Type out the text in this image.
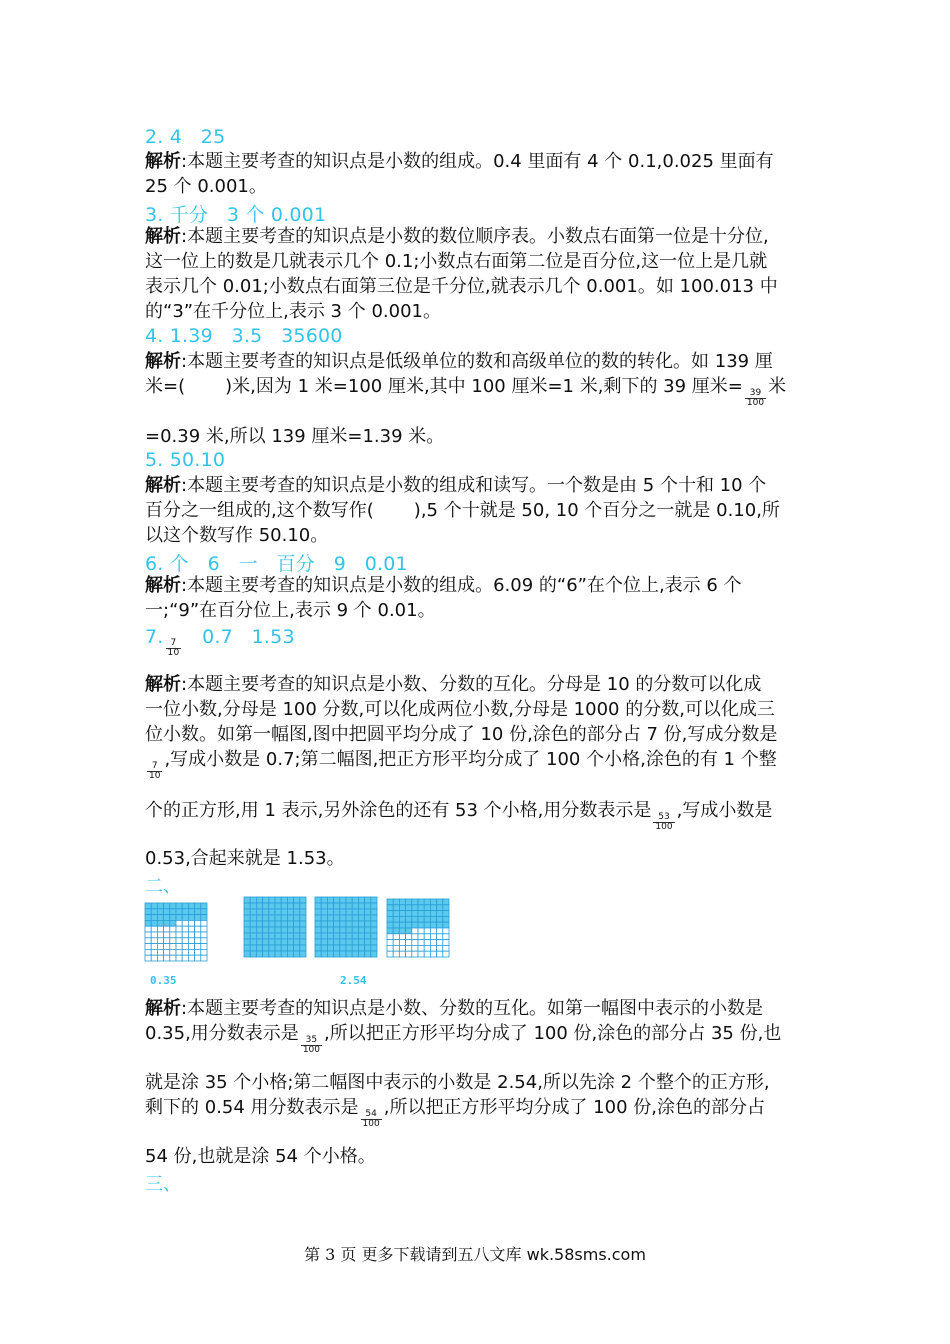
2. 4   25
解析:本题主要考查的知识点是小数的组成。0.4 里面有 4 个 0.1,0.025 里面有
25 个 0.001。
3. 千分   3 个 0.001
解析:本题主要考查的知识点是小数的数位顺序表。小数点右面第一位是十分位,
这一位上的数是几就表示几个 0.1;小数点右面第二位是百分位,这一位上是几就
表示几个 0.01;小数点右面第三位是千分位,就表示几个 0.001。如 100.013 中
的“3”在千分位上,表示 3 个 0.001。
4. 1.39   3.5   35600
解析:本题主要考查的知识点是低级单位的数和高级单位的数的转化。如 139 厘
米=(       )米,因为 1 米=100 厘米,其中 100 厘米=1 米,剩下的 39 厘米=
$\frac{39}{100}$
米
=0.39 米,所以 139 厘米=1.39 米。
5. 50.10
解析:本题主要考查的知识点是小数的组成和读写。一个数是由 5 个十和 10 个
百分之一组成的,这个数写作(       ),5 个十就是 50, 10 个百分之一就是 0.10,所
以这个数写作 50.10。
6. 个   6   一   百分   9   0.01
解析:本题主要考查的知识点是小数的组成。6.09 的“6”在个位上,表示 6 个
一;“9”在百分位上,表示 9 个 0.01。
7.
$\frac{7}{10}$
0.7   1.53
解析:本题主要考查的知识点是小数、分数的互化。分母是 10 的分数可以化成
一位小数,分母是 100 分数,可以化成两位小数,分母是 1000 的分数,可以化成三
位小数。如第一幅图,图中把圆平均分成了 10 份,涂色的部分占 7 份,写成分数是
$\frac{7}{10}$
,写成小数是 0.7;第二幅图,把正方形平均分成了 100 个小格,涂色的有 1 个整
个的正方形,用 1 表示,另外涂色的还有 53 个小格,用分数表示是
$\frac{53}{100}$
,写成小数是
0.53,合起来就是 1.53。
二、
0.35	2.54
解析:本题主要考查的知识点是小数、分数的互化。如第一幅图中表示的小数是
0.35,用分数表示是
$\frac{35}{100}$
,所以把正方形平均分成了 100 份,涂色的部分占 35 份,也
就是涂 35 个小格;第二幅图中表示的小数是 2.54,所以先涂 2 个整个的正方形,
剩下的 0.54 用分数表示是
$\frac{54}{100}$
,所以把正方形平均分成了 100 份,涂色的部分占
54 份,也就是涂 54 个小格。
三、
第 3 页 更多下载请到五八文库 wk.58sms.com
